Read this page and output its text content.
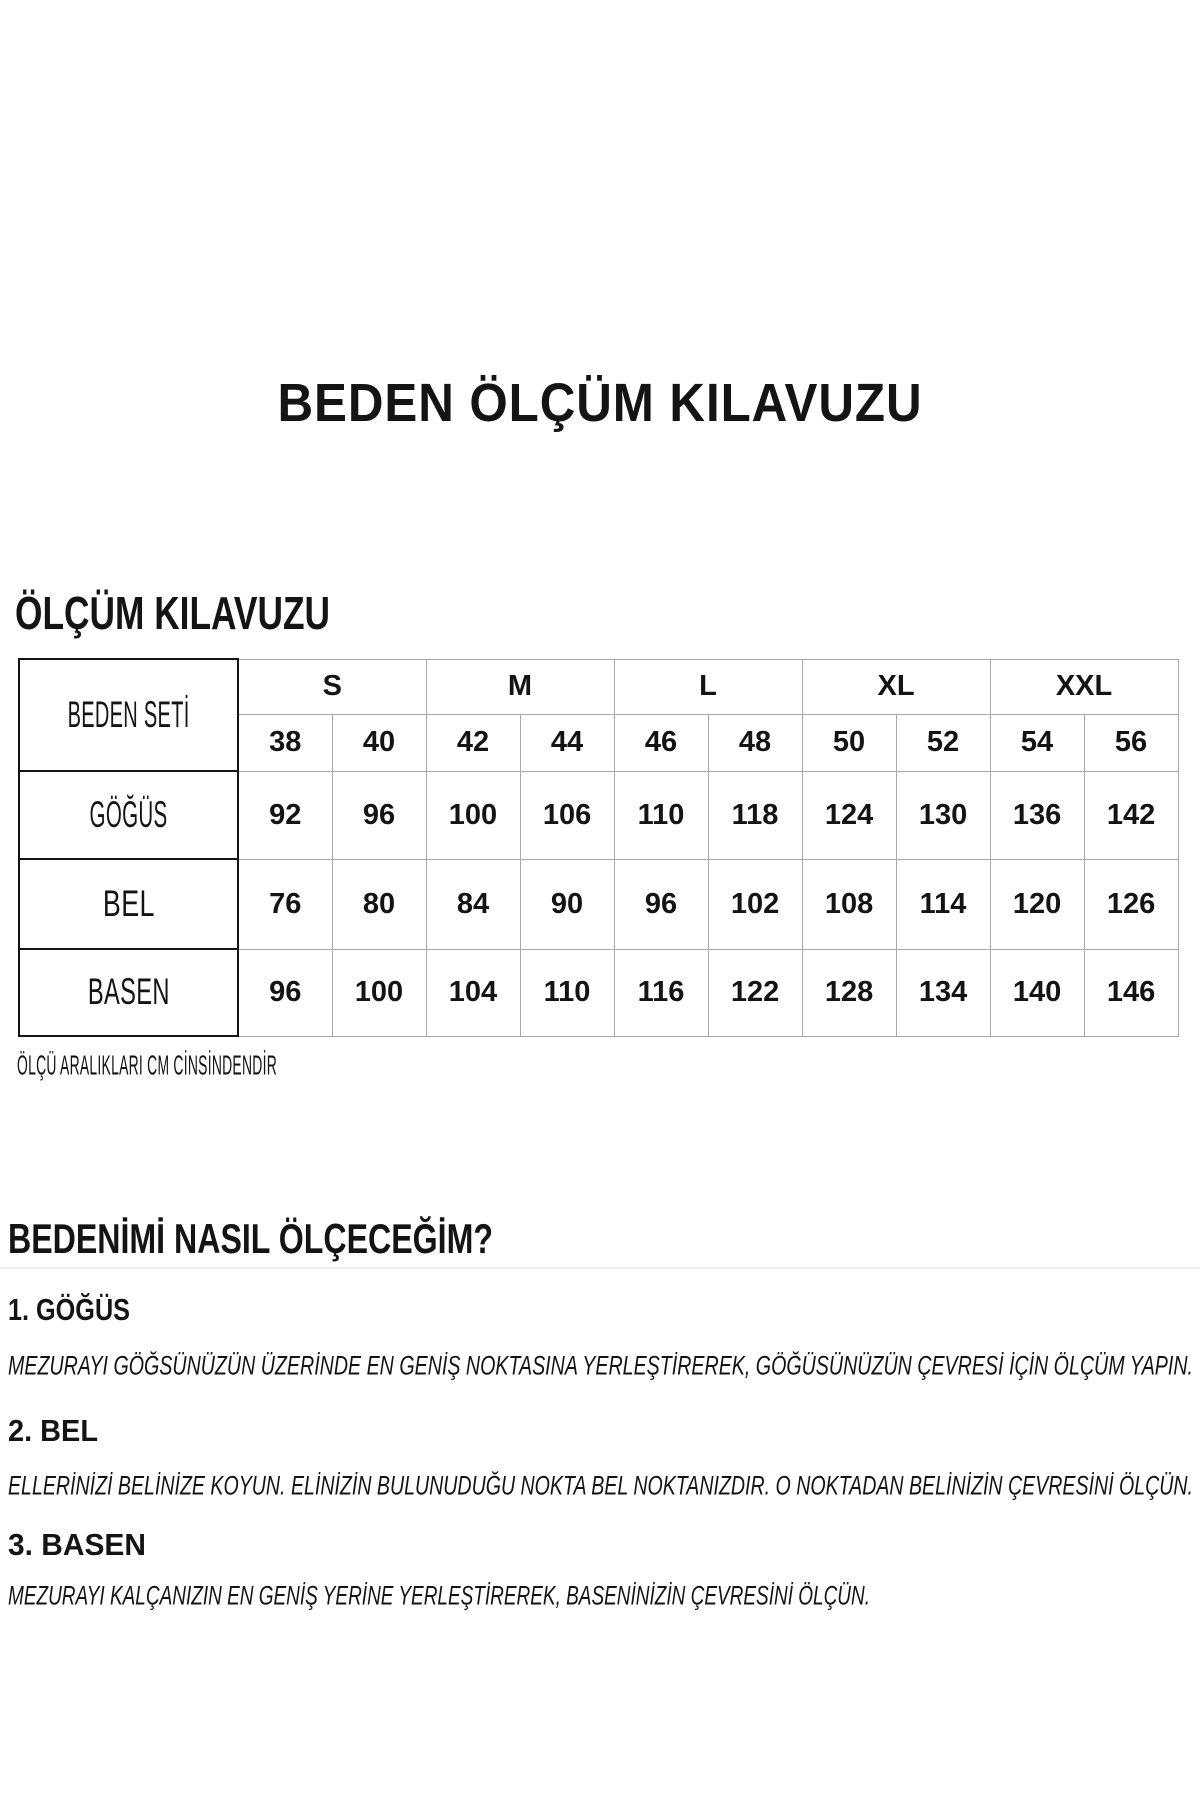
BEDEN ÖLÇÜM KILAVUZU
ÖLÇÜM KILAVUZU
BEDEN SETİ	S		M		L		XL		XXL	
	38	40	42	44	46	48	50	52	54	56
GÖĞÜS	92	96	100	106	110	118	124	130	136	142
BEL	76	80	84	90	96	102	108	114	120	126
BASEN	96	100	104	110	116	122	128	134	140	146
ÖLÇÜ ARALIKLARI CM CİNSİNDENDİR
BEDENİMİ NASIL ÖLÇECEĞİM?
1. GÖĞÜS
MEZURAYI GÖĞSÜNÜZÜN ÜZERİNDE EN GENİŞ NOKTASINA YERLEŞTİREREK, GÖĞÜSÜNÜZÜN ÇEVRESİ İÇİN ÖLÇÜM YAPIN.
2. BEL
ELLERİNİZİ BELİNİZE KOYUN. ELİNİZİN BULUNUDUĞU NOKTA BEL NOKTANIZDIR. O NOKTADAN BELİNİZİN ÇEVRESİNİ ÖLÇÜN.
3. BASEN
MEZURAYI KALÇANIZIN EN GENİŞ YERİNE YERLEŞTİREREK, BASENİNİZİN ÇEVRESİNİ ÖLÇÜN.
